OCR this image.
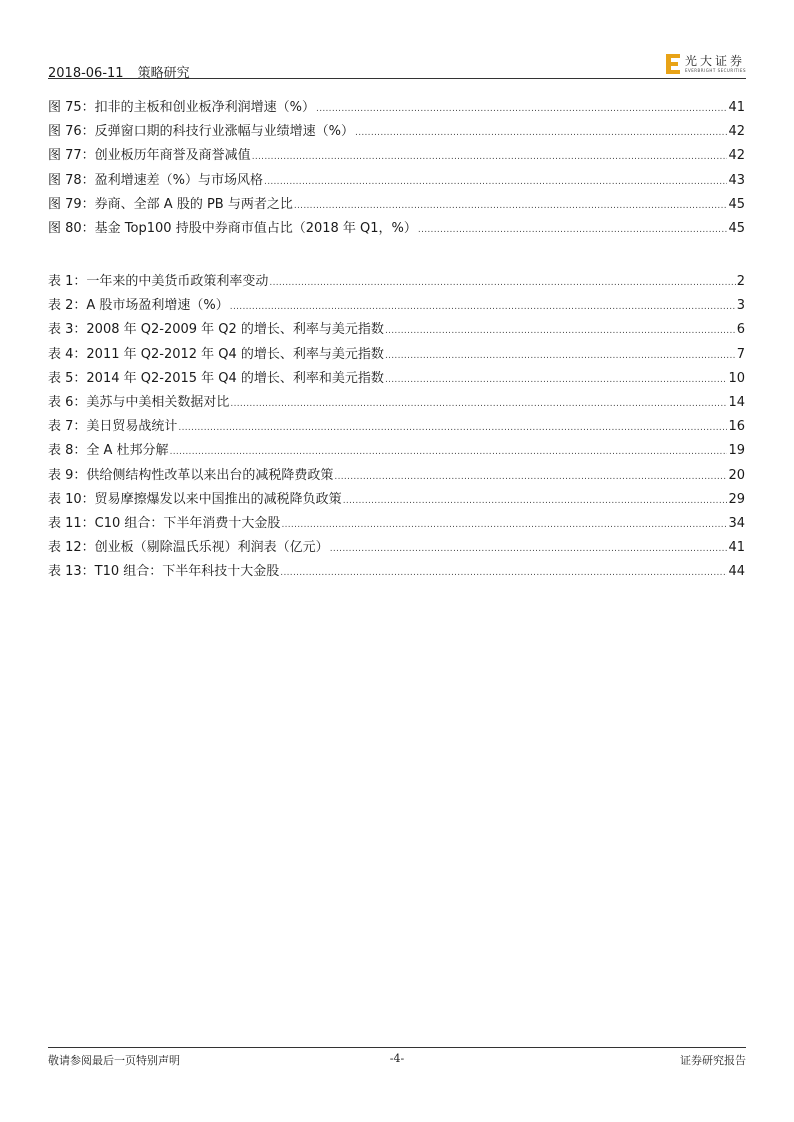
2018-06-11 策略研究
光大证券
EVERBRIGHT SECURITIES
图 75：扣非的主板和创业板净利润增速（%） .....	41
图 76：反弹窗口期的科技行业涨幅与业绩增速（%） .....	42
图 77：创业板历年商誉及商誉减值 .....	42
图 78：盈利增速差（%）与市场风格 .....	43
图 79：券商、全部 A 股的 PB 与两者之比 .....	45
图 80：基金 Top100 持股中券商市值占比（2018 年 Q1，%） .....	45
表 1：一年来的中美货币政策利率变动 .....	2
表 2：A 股市场盈利增速（%） .....	3
表 3：2008 年 Q2-2009 年 Q2 的增长、利率与美元指数 .....	6
表 4：2011 年 Q2-2012 年 Q4 的增长、利率与美元指数 .....	7
表 5：2014 年 Q2-2015 年 Q4 的增长、利率和美元指数 .....	10
表 6：美苏与中美相关数据对比 .....	14
表 7：美日贸易战统计 .....	16
表 8：全 A 杜邦分解 .....	19
表 9：供给侧结构性改革以来出台的减税降费政策 .....	20
表 10：贸易摩擦爆发以来中国推出的减税降负政策 .....	29
表 11：C10 组合：下半年消费十大金股 .....	34
表 12：创业板（剔除温氏乐视）利润表（亿元） .....	41
表 13：T10 组合：下半年科技十大金股 .....	44
敬请参阅最后一页特别声明	-4-	证券研究报告
